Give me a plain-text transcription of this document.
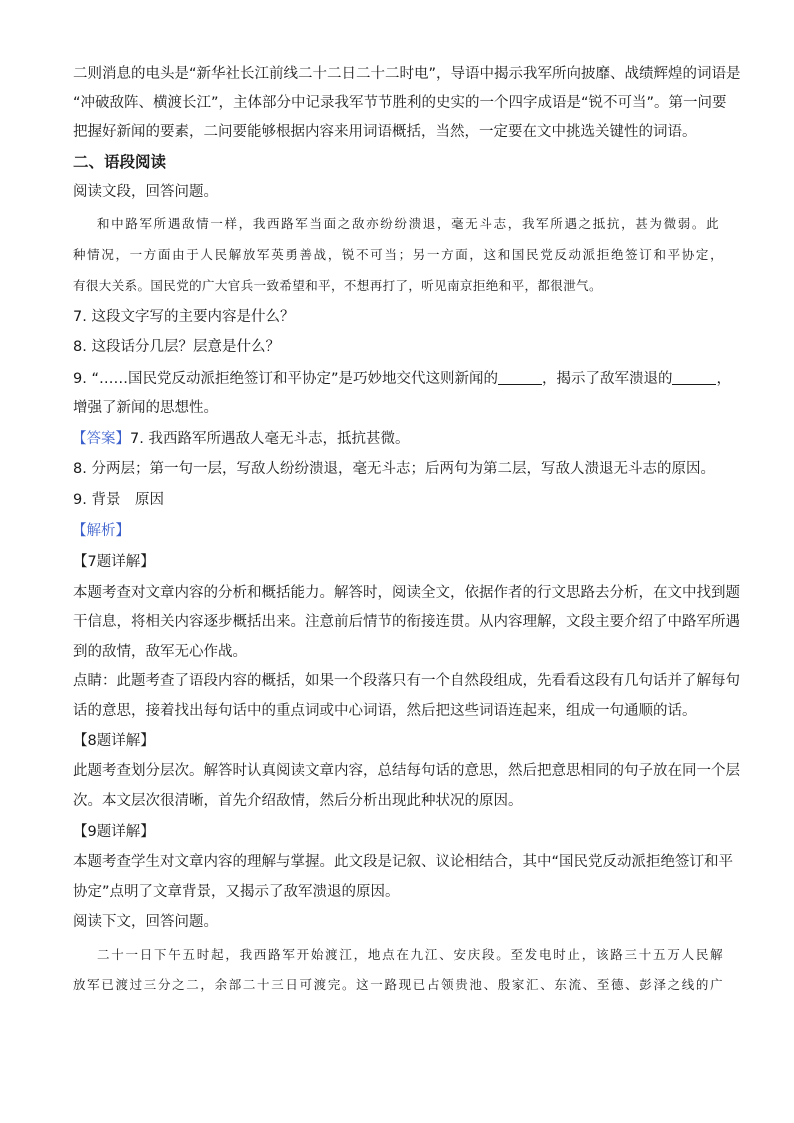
二则消息的电头是“新华社长江前线二十二日二十二时电”，导语中揭示我军所向披靡、战绩辉煌的词语是
“冲破敌阵、横渡长江”，主体部分中记录我军节节胜利的史实的一个四字成语是“锐不可当”。第一问要
把握好新闻的要素，二问要能够根据内容来用词语概括，当然，一定要在文中挑选关键性的词语。
二、语段阅读
阅读文段，回答问题。
和中路军所遇敌情一样，我西路军当面之敌亦纷纷溃退，毫无斗志，我军所遇之抵抗，甚为微弱。此
种情况，一方面由于人民解放军英勇善战，锐不可当；另一方面，这和国民党反动派拒绝签订和平协定，
有很大关系。国民党的广大官兵一致希望和平，不想再打了，听见南京拒绝和平，都很泄气。
7. 这段文字写的主要内容是什么？
8. 这段话分几层？层意是什么？
9. “……国民党反动派拒绝签订和平协定”是巧妙地交代这则新闻的	，揭示了敌军溃退的	，
增强了新闻的思想性。
【答案】7. 我西路军所遇敌人毫无斗志，抵抗甚微。
8. 分两层；第一句一层，写敌人纷纷溃退，毫无斗志；后两句为第二层，写敌人溃退无斗志的原因。
9. 背景　原因
【解析】
【7题详解】
本题考查对文章内容的分析和概括能力。解答时，阅读全文，依据作者的行文思路去分析，在文中找到题
干信息，将相关内容逐步概括出来。注意前后情节的衔接连贯。从内容理解，文段主要介绍了中路军所遇
到的敌情，敌军无心作战。
点睛：此题考查了语段内容的概括，如果一个段落只有一个自然段组成，先看看这段有几句话并了解每句
话的意思，接着找出每句话中的重点词或中心词语，然后把这些词语连起来，组成一句通顺的话。
【8题详解】
此题考查划分层次。解答时认真阅读文章内容，总结每句话的意思，然后把意思相同的句子放在同一个层
次。本文层次很清晰，首先介绍敌情，然后分析出现此种状况的原因。
【9题详解】
本题考查学生对文章内容的理解与掌握。此文段是记叙、议论相结合，其中“国民党反动派拒绝签订和平
协定”点明了文章背景，又揭示了敌军溃退的原因。
阅读下文，回答问题。
二十一日下午五时起，我西路军开始渡江，地点在九江、安庆段。至发电时止，该路三十五万人民解
放军已渡过三分之二，余部二十三日可渡完。这一路现已占领贵池、殷家汇、东流、至德、彭泽之线的广
